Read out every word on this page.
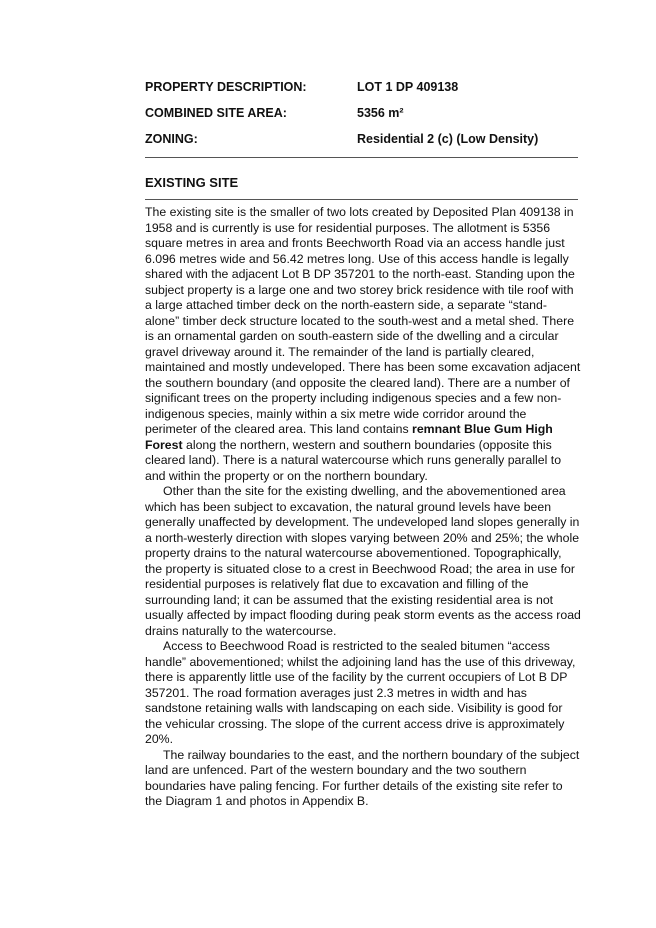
PROPERTY DESCRIPTION:	LOT 1 DP 409138
COMBINED SITE AREA:	5356 m²
ZONING:	Residential 2 (c) (Low Density)
EXISTING SITE

The existing site is the smaller of two lots created by Deposited Plan 409138 in 1958 and is currently is use for residential purposes. The allotment is 5356 square metres in area and fronts Beechworth Road via an access handle just 6.096 metres wide and 56.42 metres long. Use of this access handle is legally shared with the adjacent Lot B DP 357201 to the north-east. Standing upon the subject property is a large one and two storey brick residence with tile roof with a large attached timber deck on the north-eastern side, a separate “stand-alone” timber deck structure located to the south-west and a metal shed. There is an ornamental garden on south-eastern side of the dwelling and a circular gravel driveway around it. The remainder of the land is partially cleared, maintained and mostly undeveloped. There has been some excavation adjacent the southern boundary (and opposite the cleared land). There are a number of significant trees on the property including indigenous species and a few non-indigenous species, mainly within a six metre wide corridor around the perimeter of the cleared area. This land contains remnant Blue Gum High Forest along the northern, western and southern boundaries (opposite this cleared land). There is a natural watercourse which runs generally parallel to and within the property or on the northern boundary.

Other than the site for the existing dwelling, and the abovementioned area which has been subject to excavation, the natural ground levels have been generally unaffected by development. The undeveloped land slopes generally in a north-westerly direction with slopes varying between 20% and 25%; the whole property drains to the natural watercourse abovementioned. Topographically, the property is situated close to a crest in Beechwood Road; the area in use for residential purposes is relatively flat due to excavation and filling of the surrounding land; it can be assumed that the existing residential area is not usually affected by impact flooding during peak storm events as the access road drains naturally to the watercourse.

Access to Beechwood Road is restricted to the sealed bitumen “access handle” abovementioned; whilst the adjoining land has the use of this driveway, there is apparently little use of the facility by the current occupiers of Lot B DP 357201. The road formation averages just 2.3 metres in width and has sandstone retaining walls with landscaping on each side. Visibility is good for the vehicular crossing. The slope of the current access drive is approximately 20%.

The railway boundaries to the east, and the northern boundary of the subject land are unfenced. Part of the western boundary and the two southern boundaries have paling fencing. For further details of the existing site refer to the Diagram 1 and photos in Appendix B.
